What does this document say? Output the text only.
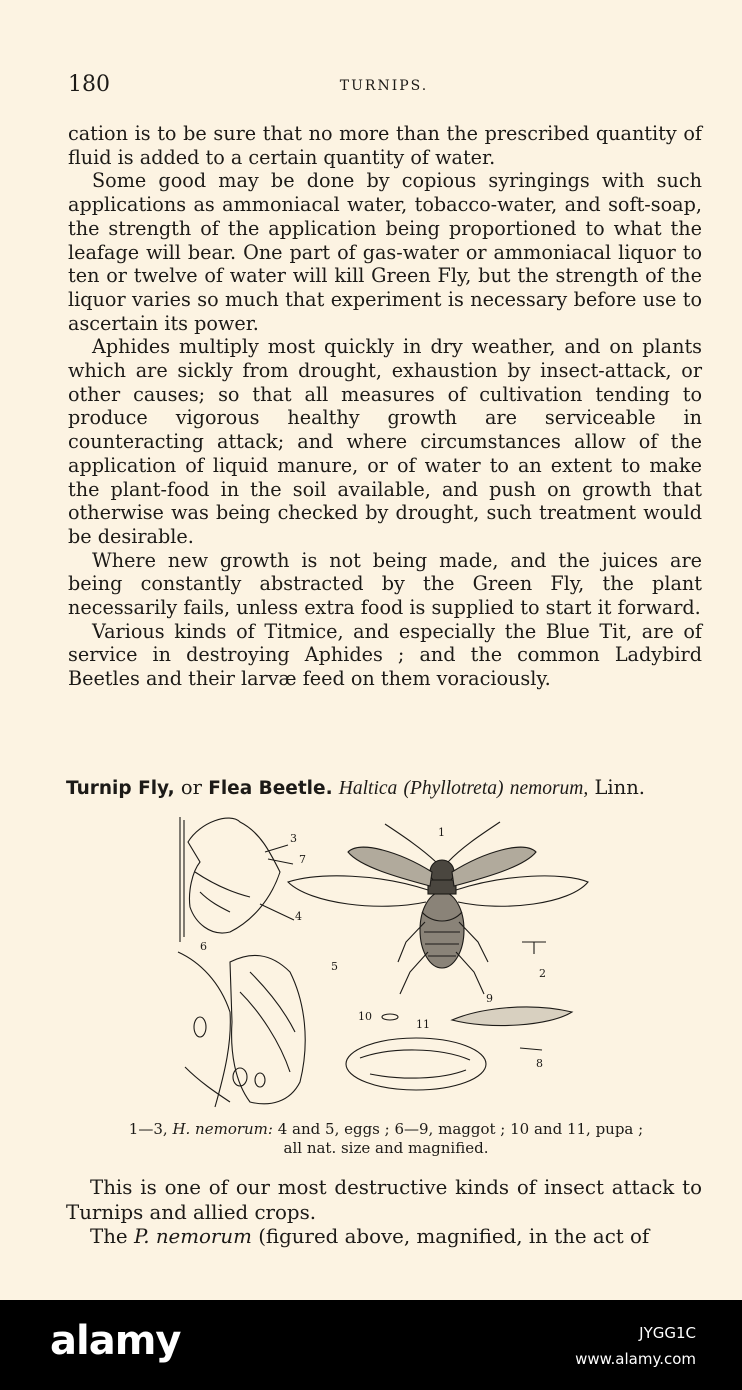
180	TURNIPS.

cation is to be sure that no more than the prescribed quantity of fluid is added to a certain quantity of water.

Some good may be done by copious syringings with such applications as ammoniacal water, tobacco-water, and soft-soap, the strength of the application being proportioned to what the leafage will bear. One part of gas-water or ammoniacal liquor to ten or twelve of water will kill Green Fly, but the strength of the liquor varies so much that experiment is necessary before use to ascertain its power.

Aphides multiply most quickly in dry weather, and on plants which are sickly from drought, exhaustion by insect-attack, or other causes; so that all measures of cultivation tending to produce vigorous healthy growth are serviceable in counteracting attack; and where circumstances allow of the application of liquid manure, or of water to an extent to make the plant-food in the soil available, and push on growth that otherwise was being checked by drought, such treatment would be desirable.

Where new growth is not being made, and the juices are being constantly abstracted by the Green Fly, the plant necessarily fails, unless extra food is supplied to start it forward.

Various kinds of Titmice, and especially the Blue Tit, are of service in destroying Aphides ; and the common Ladybird Beetles and their larvæ feed on them voraciously.

Turnip Fly, or Flea Beetle. Haltica (Phyllotreta) nemorum, Linn.
1
2
3
4
5
6
7
8
9
10
11
1—3, H. nemorum: 4 and 5, eggs ; 6—9, maggot ; 10 and 11, pupa ;
all nat. size and magnified.

This is one of our most destructive kinds of insect attack to Turnips and allied crops.

The P. nemorum (figured above, magnified, in the act of

alamy	JYGG1C
www.alamy.com
